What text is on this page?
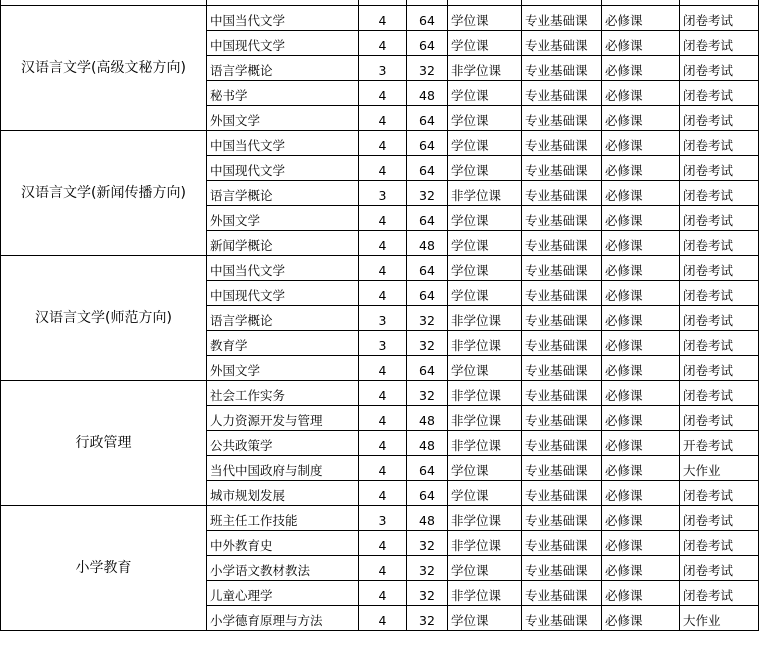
汉语言文学(高级文秘方向)	中国当代文学	4	64	学位课	专业基础课	必修课	闭卷考试
	中国现代文学	4	64	学位课	专业基础课	必修课	闭卷考试
	语言学概论	3	32	非学位课	专业基础课	必修课	闭卷考试
	秘书学	4	48	学位课	专业基础课	必修课	闭卷考试
	外国文学	4	64	学位课	专业基础课	必修课	闭卷考试
汉语言文学(新闻传播方向)	中国当代文学	4	64	学位课	专业基础课	必修课	闭卷考试
	中国现代文学	4	64	学位课	专业基础课	必修课	闭卷考试
	语言学概论	3	32	非学位课	专业基础课	必修课	闭卷考试
	外国文学	4	64	学位课	专业基础课	必修课	闭卷考试
	新闻学概论	4	48	学位课	专业基础课	必修课	闭卷考试
汉语言文学(师范方向)	中国当代文学	4	64	学位课	专业基础课	必修课	闭卷考试
	中国现代文学	4	64	学位课	专业基础课	必修课	闭卷考试
	语言学概论	3	32	非学位课	专业基础课	必修课	闭卷考试
	教育学	3	32	非学位课	专业基础课	必修课	闭卷考试
	外国文学	4	64	学位课	专业基础课	必修课	闭卷考试
行政管理	社会工作实务	4	32	非学位课	专业基础课	必修课	闭卷考试
	人力资源开发与管理	4	48	非学位课	专业基础课	必修课	闭卷考试
	公共政策学	4	48	非学位课	专业基础课	必修课	开卷考试
	当代中国政府与制度	4	64	学位课	专业基础课	必修课	大作业
	城市规划发展	4	64	学位课	专业基础课	必修课	闭卷考试
小学教育	班主任工作技能	3	48	非学位课	专业基础课	必修课	闭卷考试
	中外教育史	4	32	非学位课	专业基础课	必修课	闭卷考试
	小学语文教材教法	4	32	学位课	专业基础课	必修课	闭卷考试
	儿童心理学	4	32	非学位课	专业基础课	必修课	闭卷考试
	小学德育原理与方法	4	32	学位课	专业基础课	必修课	大作业
